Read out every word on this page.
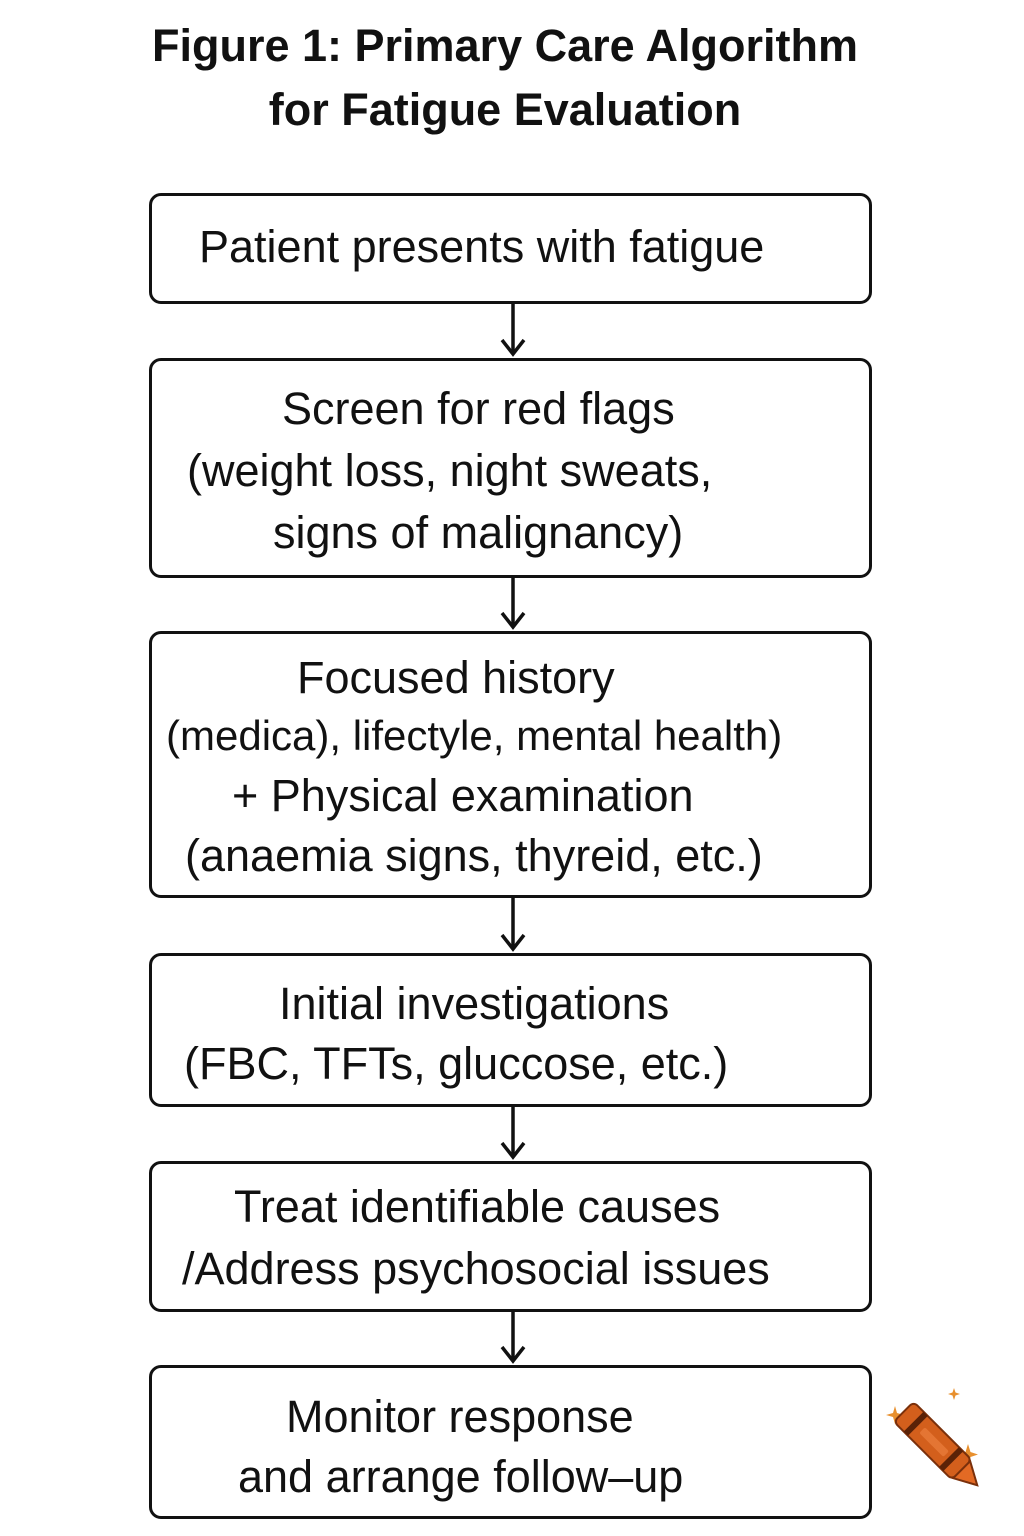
Figure 1: Primary Care Algorithm
for Fatigue Evaluation
Patient presents with fatigue
Screen for red flags
(weight loss, night sweats,
signs of malignancy)
Focused history
(medica), lifectyle, mental health)
+ Physical examination
(anaemia signs, thyreid, etc.)
Initial investigations
(FBC, TFTs, gluccose, etc.)
Treat identifiable causes
/Address psychosocial issues
Monitor response
and arrange follow–up
